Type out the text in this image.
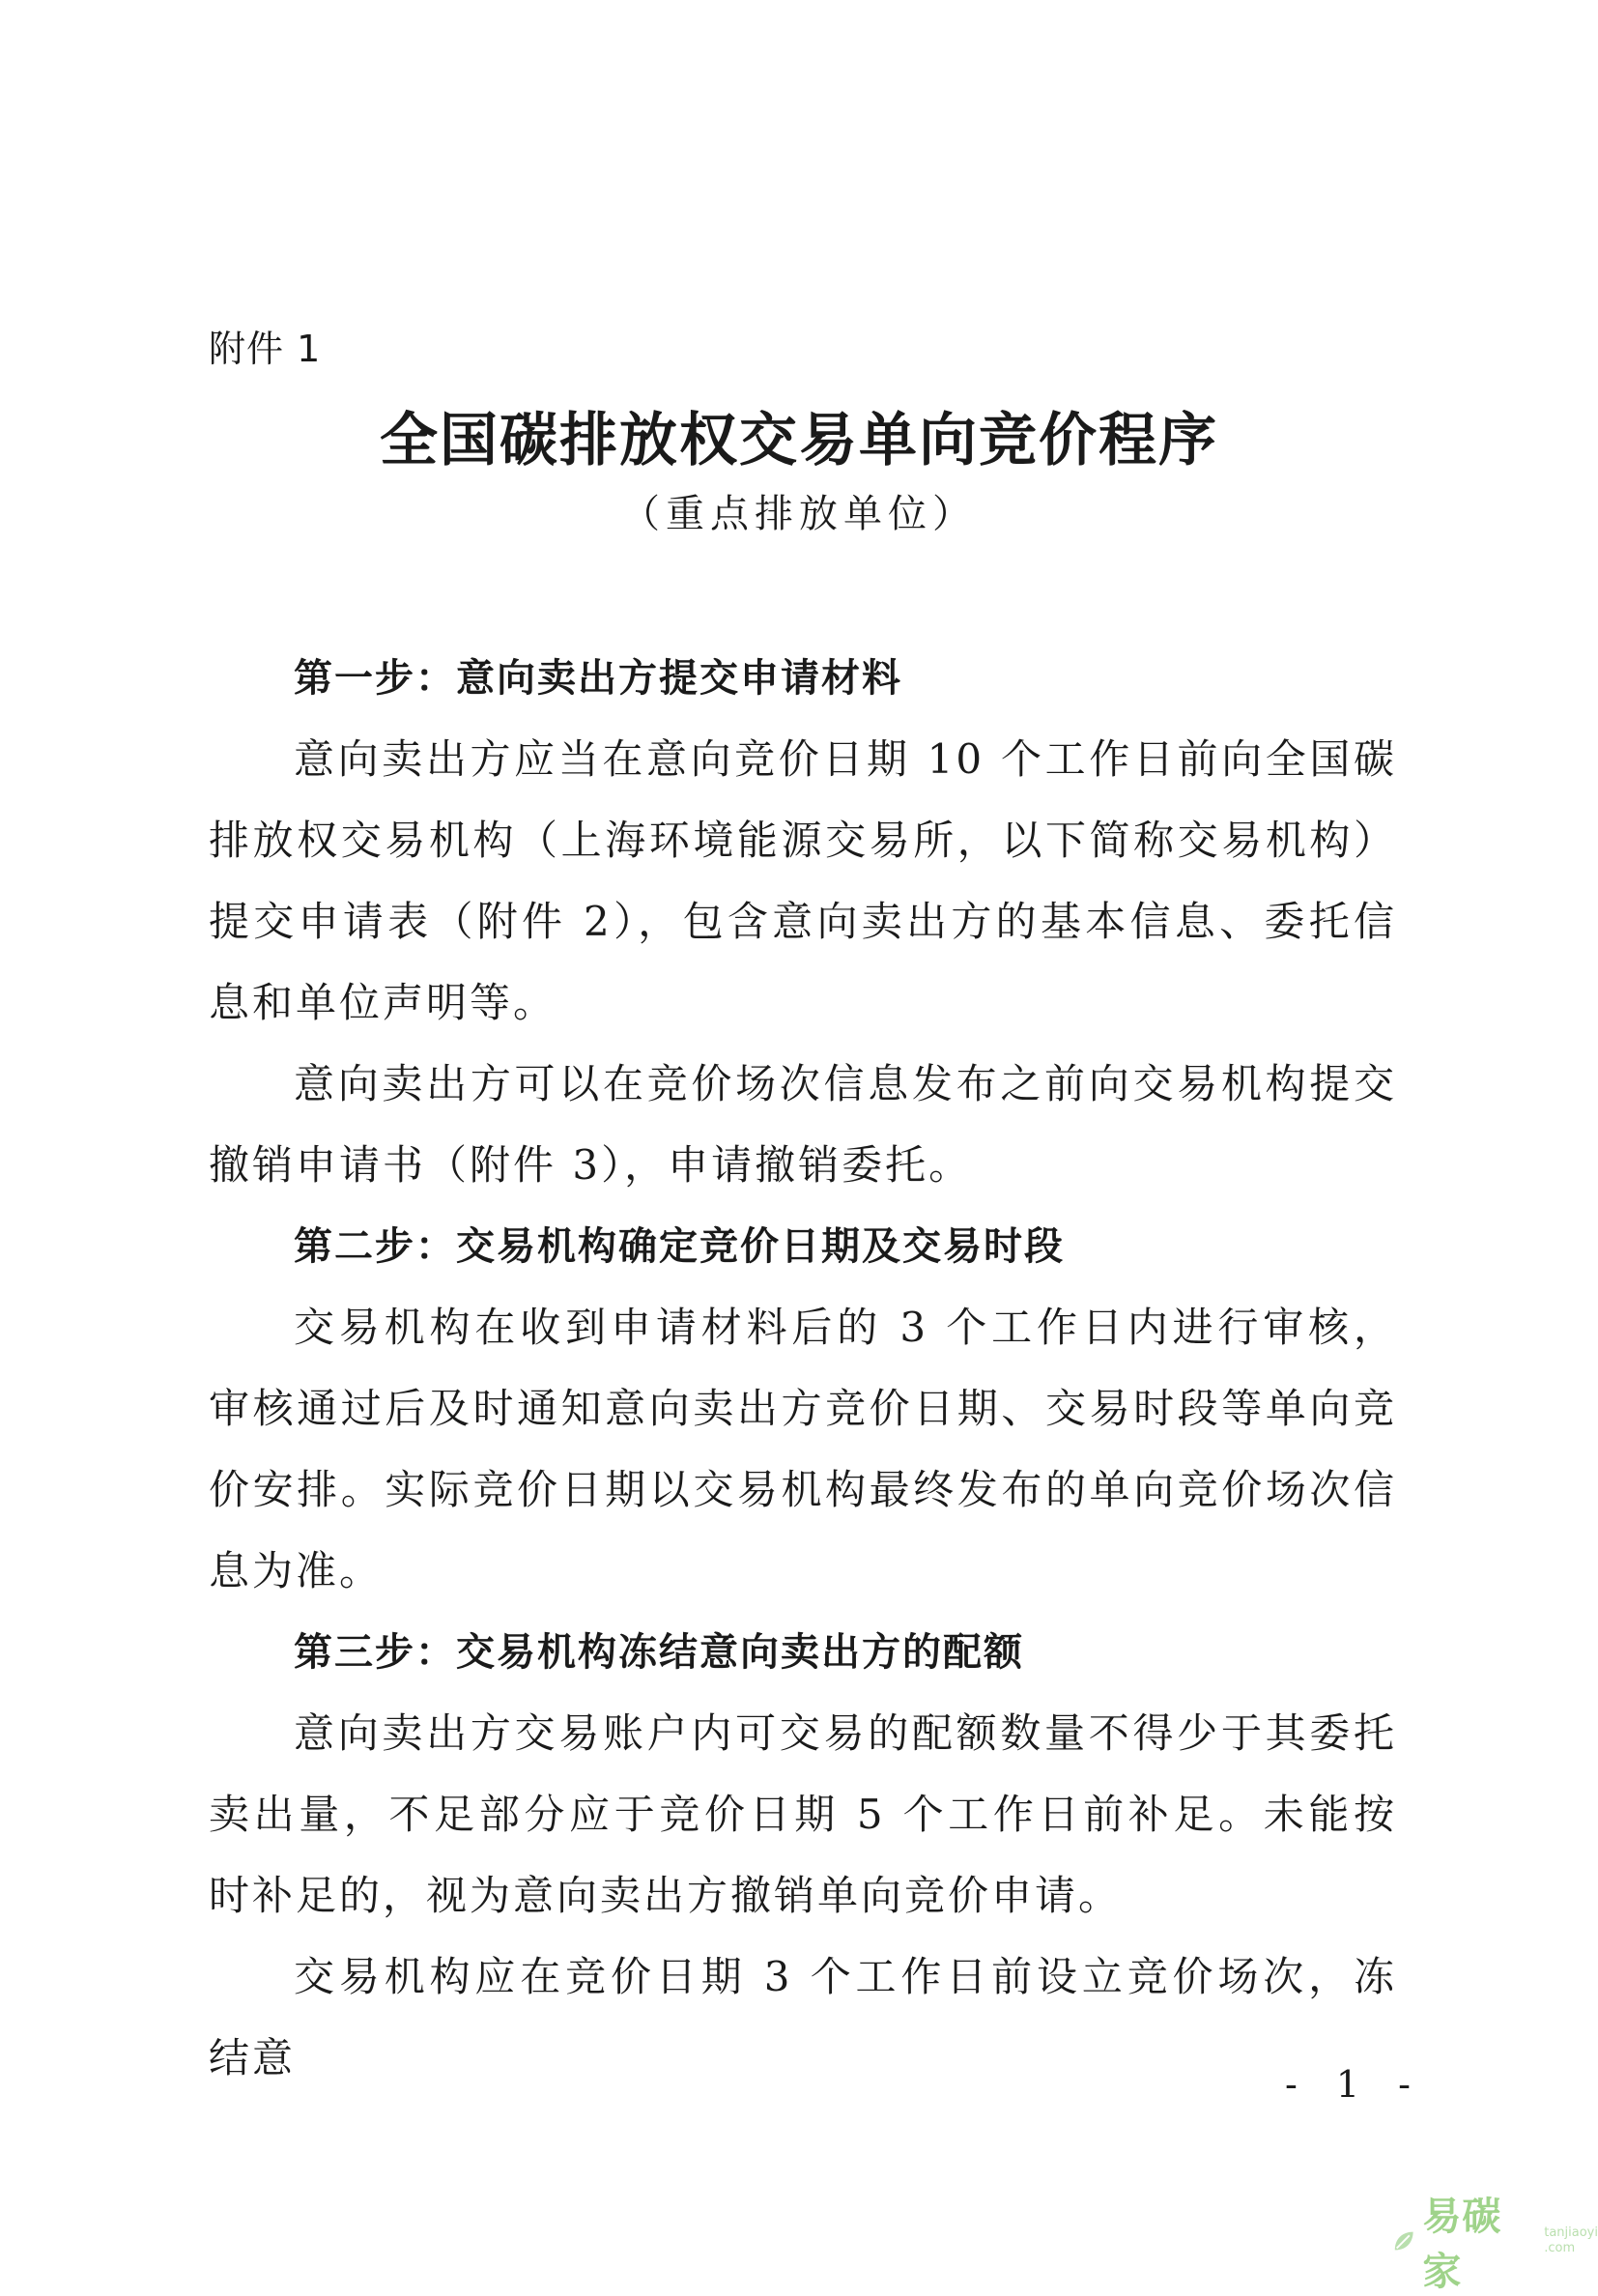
附件 1
全国碳排放权交易单向竞价程序
（重点排放单位）
第一步：意向卖出方提交申请材料

意向卖出方应当在意向竞价日期 10 个工作日前向全国碳排放权交易机构（上海环境能源交易所，以下简称交易机构）提交申请表（附件 2），包含意向卖出方的基本信息、委托信息和单位声明等。

意向卖出方可以在竞价场次信息发布之前向交易机构提交撤销申请书（附件 3），申请撤销委托。

第二步：交易机构确定竞价日期及交易时段

交易机构在收到申请材料后的 3 个工作日内进行审核，审核通过后及时通知意向卖出方竞价日期、交易时段等单向竞价安排。实际竞价日期以交易机构最终发布的单向竞价场次信息为准。

第三步：交易机构冻结意向卖出方的配额

意向卖出方交易账户内可交易的配额数量不得少于其委托卖出量，不足部分应于竞价日期 5 个工作日前补足。未能按时补足的，视为意向卖出方撤销单向竞价申请。

交易机构应在竞价日期 3 个工作日前设立竞价场次，冻结意

- 1 -
易碳家
tanjiaoyi
.com
